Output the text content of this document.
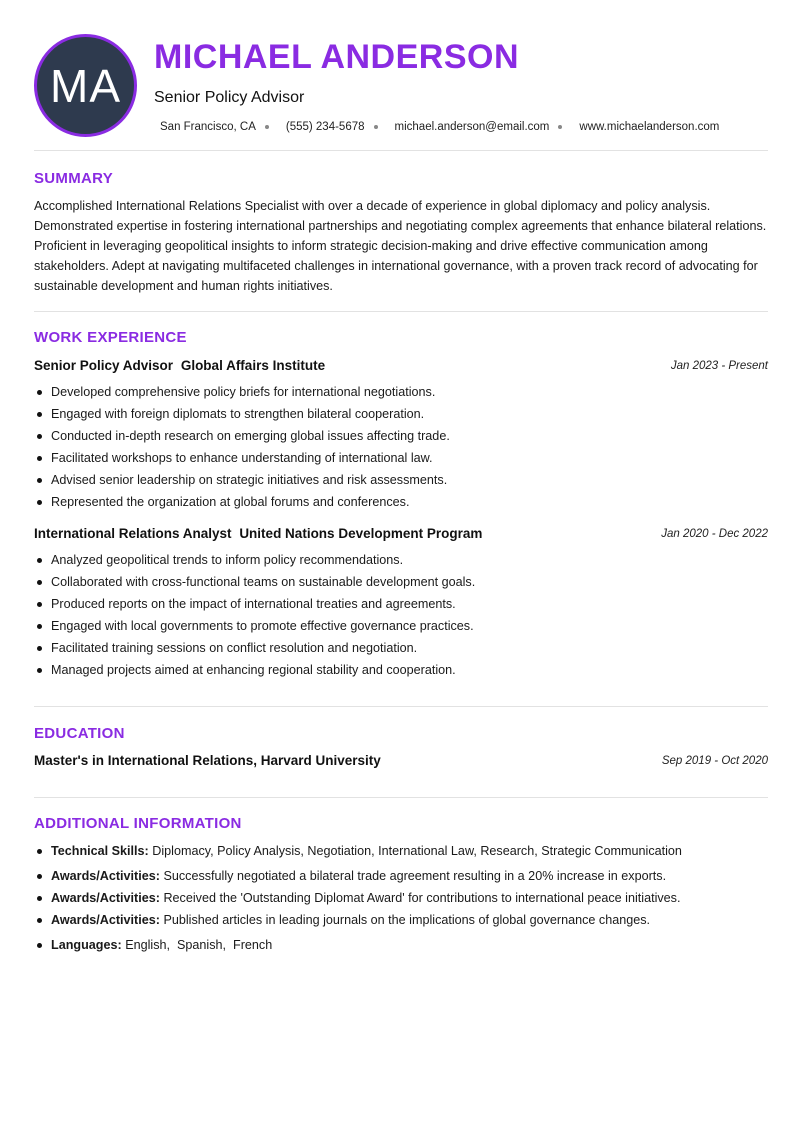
MA
MICHAEL ANDERSON
Senior Policy Advisor
San Francisco, CA	(555) 234-5678	michael.anderson@email.com	www.michaelanderson.com
SUMMARY
Accomplished International Relations Specialist with over a decade of experience in global diplomacy and policy analysis. Demonstrated expertise in fostering international partnerships and negotiating complex agreements that enhance bilateral relations. Proficient in leveraging geopolitical insights to inform strategic decision-making and drive effective communication among stakeholders. Adept at navigating multifaceted challenges in international governance, with a proven track record of advocating for sustainable development and human rights initiatives.
WORK EXPERIENCE
Senior Policy Advisor Global Affairs Institute	Jan 2023 - Present
Developed comprehensive policy briefs for international negotiations.
Engaged with foreign diplomats to strengthen bilateral cooperation.
Conducted in-depth research on emerging global issues affecting trade.
Facilitated workshops to enhance understanding of international law.
Advised senior leadership on strategic initiatives and risk assessments.
Represented the organization at global forums and conferences.
International Relations Analyst United Nations Development Program	Jan 2020 - Dec 2022
Analyzed geopolitical trends to inform policy recommendations.
Collaborated with cross-functional teams on sustainable development goals.
Produced reports on the impact of international treaties and agreements.
Engaged with local governments to promote effective governance practices.
Facilitated training sessions on conflict resolution and negotiation.
Managed projects aimed at enhancing regional stability and cooperation.
EDUCATION
Master's in International Relations, Harvard University	Sep 2019 - Oct 2020
ADDITIONAL INFORMATION
Technical Skills: Diplomacy, Policy Analysis, Negotiation, International Law, Research, Strategic Communication
Awards/Activities: Successfully negotiated a bilateral trade agreement resulting in a 20% increase in exports.
Awards/Activities: Received the 'Outstanding Diplomat Award' for contributions to international peace initiatives.
Awards/Activities: Published articles in leading journals on the implications of global governance changes.
Languages: English,  Spanish,  French
